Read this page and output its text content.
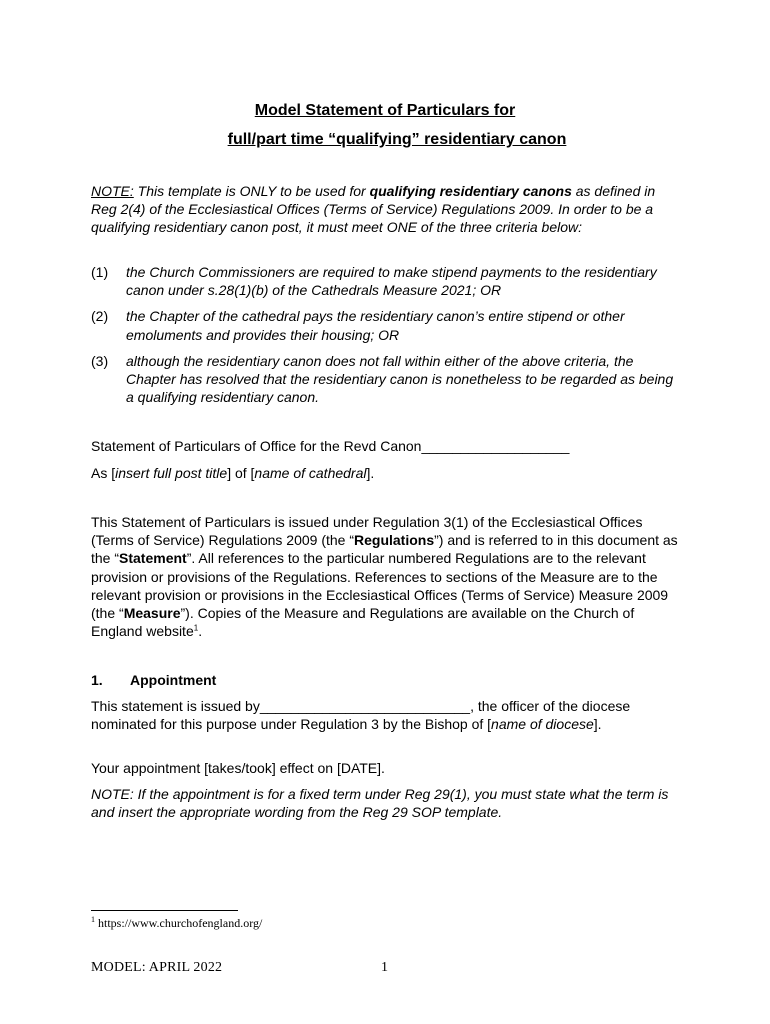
Model Statement of Particulars for
full/part time “qualifying” residentiary canon
NOTE: This template is ONLY to be used for qualifying residentiary canons as defined in Reg 2(4) of the Ecclesiastical Offices (Terms of Service) Regulations 2009. In order to be a qualifying residentiary canon post, it must meet ONE of the three criteria below:
(1) the Church Commissioners are required to make stipend payments to the residentiary canon under s.28(1)(b) of the Cathedrals Measure 2021; OR
(2) the Chapter of the cathedral pays the residentiary canon’s entire stipend or other emoluments and provides their housing; OR
(3) although the residentiary canon does not fall within either of the above criteria, the Chapter has resolved that the residentiary canon is nonetheless to be regarded as being a qualifying residentiary canon.
Statement of Particulars of Office for the Revd Canon___________________
As [insert full post title] of [name of cathedral].
This Statement of Particulars is issued under Regulation 3(1) of the Ecclesiastical Offices (Terms of Service) Regulations 2009 (the “Regulations”) and is referred to in this document as the “Statement”. All references to the particular numbered Regulations are to the relevant provision or provisions of the Regulations. References to sections of the Measure are to the relevant provision or provisions in the Ecclesiastical Offices (Terms of Service) Measure 2009 (the “Measure”). Copies of the Measure and Regulations are available on the Church of England website$^1$.
1. Appointment
This statement is issued by___________________________, the officer of the diocese nominated for this purpose under Regulation 3 by the Bishop of [name of diocese].
Your appointment [takes/took] effect on [DATE].
NOTE: If the appointment is for a fixed term under Reg 29(1), you must state what the term is and insert the appropriate wording from the Reg 29 SOP template.
$^1$ https://www.churchofengland.org/
MODEL: APRIL 2022	1
